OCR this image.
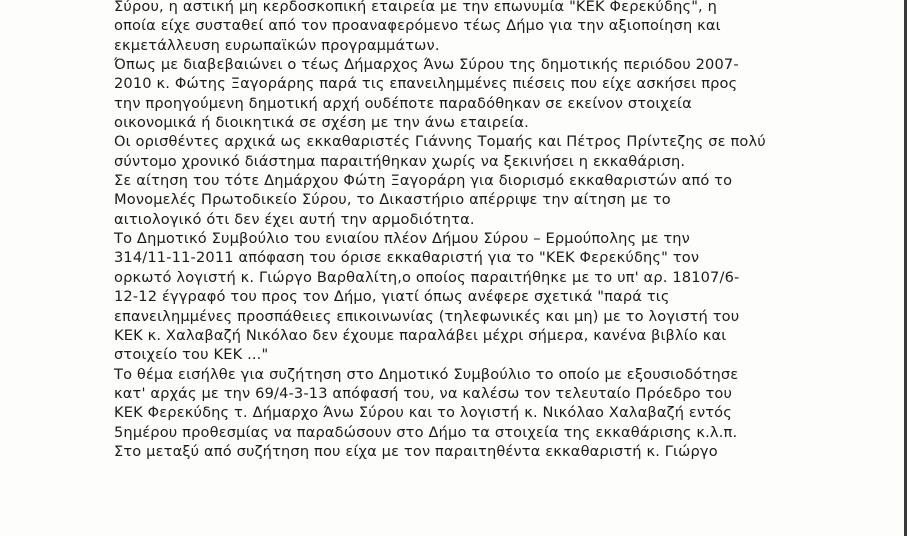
Σύρου, η αστική μη κερδοσκοπική εταιρεία με την επωνυμία "ΚΕΚ Φερεκύδης", η
οποία είχε συσταθεί από τον προαναφερόμενο τέως Δήμο για την αξιοποίηση και
εκμετάλλευση ευρωπαϊκών προγραμμάτων.
Όπως με διαβεβαιώνει ο τέως Δήμαρχος Άνω Σύρου της δημοτικής περιόδου 2007-
2010 κ. Φώτης Ξαγοράρης παρά τις επανειλημμένες πιέσεις που είχε ασκήσει προς
την προηγούμενη δημοτική αρχή ουδέποτε παραδόθηκαν σε εκείνον στοιχεία
οικονομικά ή διοικητικά σε σχέση με την άνω εταιρεία.
Οι ορισθέντες αρχικά ως εκκαθαριστές Γιάννης Τομαής και Πέτρος Πρίντεζης σε πολύ
σύντομο χρονικό διάστημα παραιτήθηκαν χωρίς να ξεκινήσει η εκκαθάριση.
Σε αίτηση του τότε Δημάρχου Φώτη Ξαγοράρη για διορισμό εκκαθαριστών από το
Μονομελές Πρωτοδικείο Σύρου, το Δικαστήριο απέρριψε την αίτηση με το
αιτιολογικό ότι δεν έχει αυτή την αρμοδιότητα.
Το Δημοτικό Συμβούλιο του ενιαίου πλέον Δήμου Σύρου – Ερμούπολης με την
314/11-11-2011 απόφαση του όρισε εκκαθαριστή για το "ΚΕΚ Φερεκύδης" τον
ορκωτό λογιστή κ. Γιώργο Βαρθαλίτη,ο οποίος παραιτήθηκε με το υπ' αρ. 18107/6-
12-12 έγγραφό του προς τον Δήμο, γιατί όπως ανέφερε σχετικά "παρά τις
επανειλημμένες προσπάθειες επικοινωνίας (τηλεφωνικές και μη) με το λογιστή του
ΚΕΚ κ. Χαλαβαζή Νικόλαο δεν έχουμε παραλάβει μέχρι σήμερα, κανένα βιβλίο και
στοιχείο του ΚΕΚ ..."
Το θέμα εισήλθε για συζήτηση στο Δημοτικό Συμβούλιο το οποίο με εξουσιοδότησε
κατ' αρχάς με την 69/4-3-13 απόφασή του, να καλέσω τον τελευταίο Πρόεδρο του
ΚΕΚ Φερεκύδης τ. Δήμαρχο Άνω Σύρου και το λογιστή κ. Νικόλαο Χαλαβαζή εντός
5ημέρου προθεσμίας να παραδώσουν στο Δήμο τα στοιχεία της εκκαθάρισης κ.λ.π.
Στο μεταξύ από συζήτηση που είχα με τον παραιτηθέντα εκκαθαριστή κ. Γιώργο
